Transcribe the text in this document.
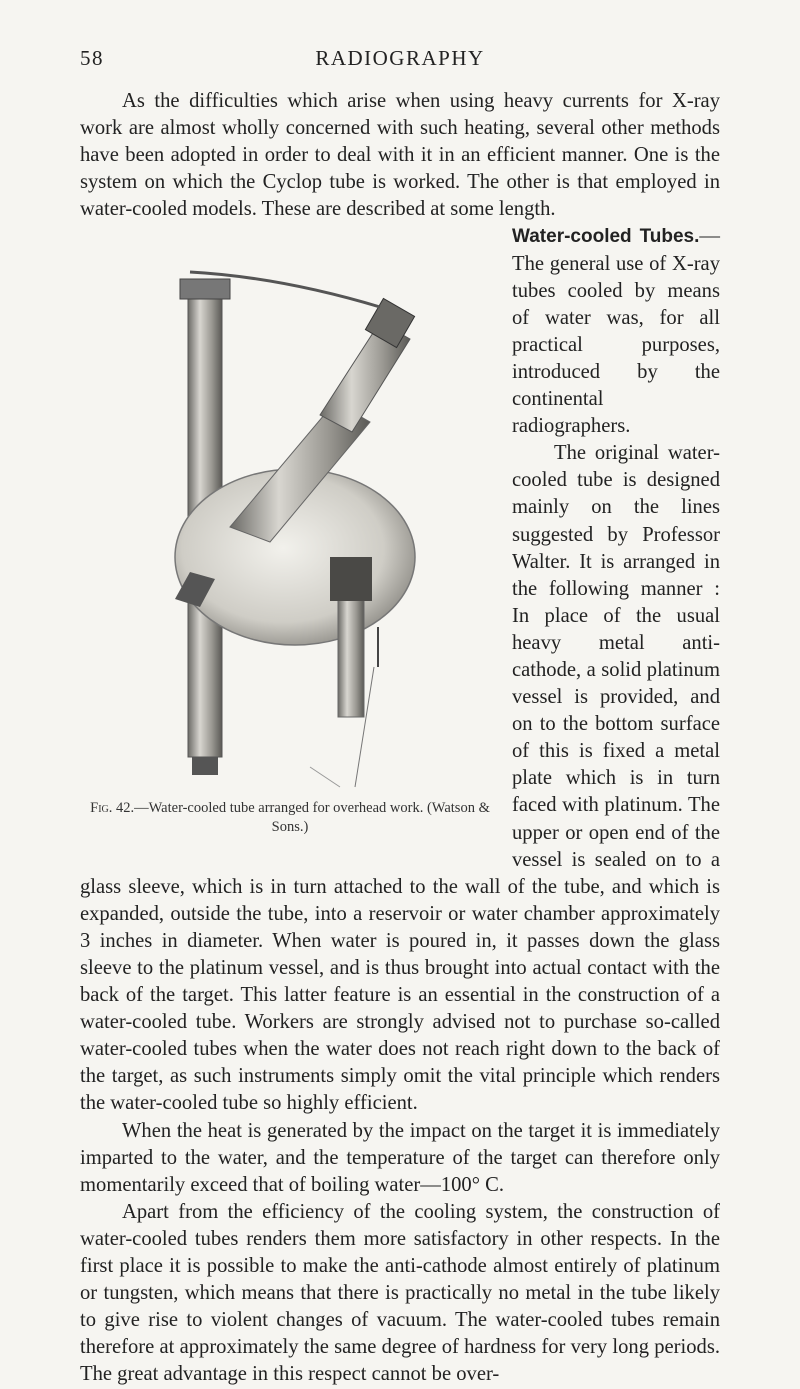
58	RADIOGRAPHY

As the difficulties which arise when using heavy currents for X-ray work are almost wholly concerned with such heating, several other methods have been adopted in order to deal with it in an efficient manner. One is the system on which the Cyclop tube is worked. The other is that employed in water-cooled models. These are described at some length.

Fig. 42.—Water-cooled tube arranged for overhead work. (Watson & Sons.)

Water-cooled Tubes.—The general use of X-ray tubes cooled by means of water was, for all practical purposes, introduced by the continental radiographers.

The original water-cooled tube is designed mainly on the lines suggested by Professor Walter. It is arranged in the following manner : In place of the usual heavy metal anti-cathode, a solid platinum vessel is provided, and on to the bottom surface of this is fixed a metal plate which is in turn faced with platinum. The upper or open end of the vessel is sealed on to a glass sleeve, which is in turn attached to the wall of the tube, and which is expanded, outside the tube, into a reservoir or water chamber approximately 3 inches in diameter. When water is poured in, it passes down the glass sleeve to the platinum vessel, and is thus brought into actual contact with the back of the target. This latter feature is an essential in the construction of a water-cooled tube. Workers are strongly advised not to purchase so-called water-cooled tubes when the water does not reach right down to the back of the target, as such instruments simply omit the vital principle which renders the water-cooled tube so highly efficient.

When the heat is generated by the impact on the target it is immediately imparted to the water, and the temperature of the target can therefore only momentarily exceed that of boiling water—100° C.

Apart from the efficiency of the cooling system, the construction of water-cooled tubes renders them more satisfactory in other respects. In the first place it is possible to make the anti-cathode almost entirely of platinum or tungsten, which means that there is practically no metal in the tube likely to give rise to violent changes of vacuum. The water-cooled tubes remain therefore at approximately the same degree of hardness for very long periods. The great advantage in this respect cannot be over-
